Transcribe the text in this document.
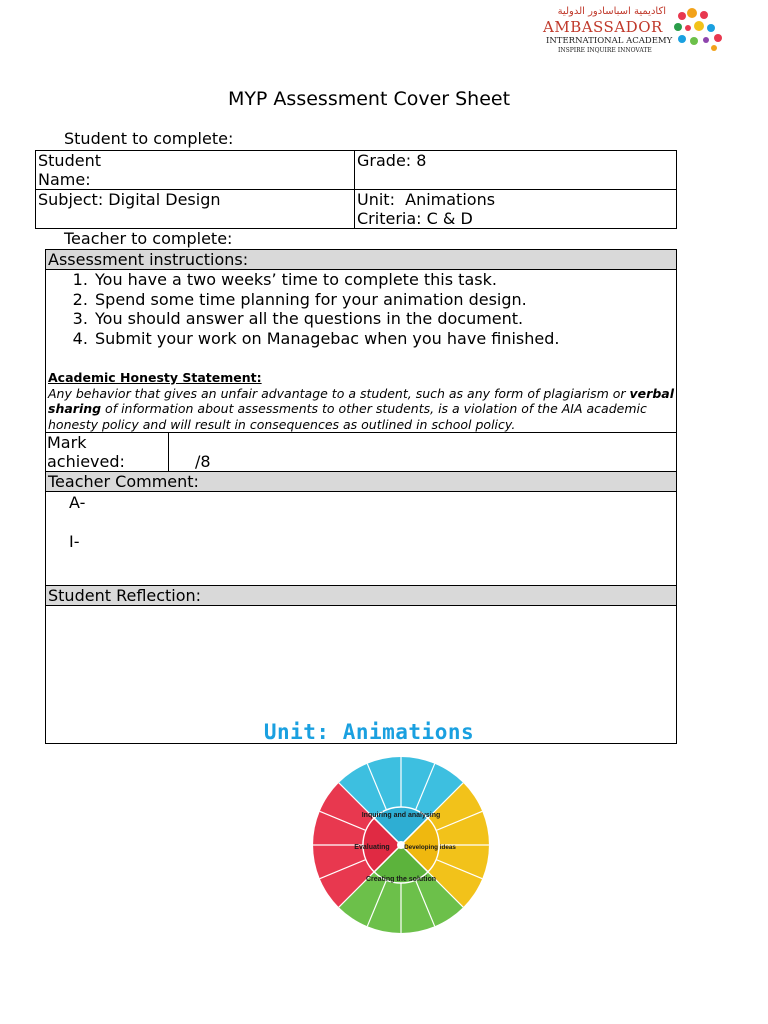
اكاديمية اسباسادور الدولية
AMBASSADOR
INTERNATIONAL ACADEMY
INSPIRE INQUIRE INNOVATE
MYP Assessment Cover Sheet
Student to complete:
Student Name:	Grade: 8
Subject: Digital Design	Unit:  Animations
Criteria: C & D
Teacher to complete:
Assessment instructions:

1. You have a two weeks’ time to complete this task.
2. Spend some time planning for your animation design.
3. You should answer all the questions in the document.
4. Submit your work on Managebac when you have finished.
Academic Honesty Statement:
Any behavior that gives an unfair advantage to a student, such as any form of plagiarism or verbal sharing of information about assessments to other students, is a violation of the AIA academic honesty policy and will result in consequences as outlined in school policy.

Mark achieved:	/8
Teacher Comment:

A-
I-

Student Reflection:

Unit: Animations
Inquiring and analysing
Developing ideas
Creating the solution
Evaluating
